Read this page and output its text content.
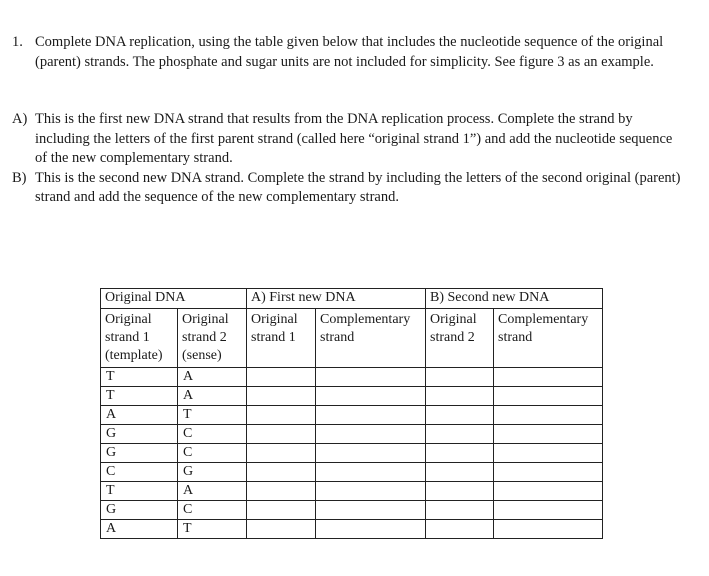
1. Complete DNA replication, using the table given below that includes the nucleotide sequence of the original (parent) strands. The phosphate and sugar units are not included for simplicity. See figure 3 as an example.
A) This is the first new DNA strand that results from the DNA replication process. Complete the strand by including the letters of the first parent strand (called here “original strand 1”) and add the nucleotide sequence of the new complementary strand.
B) This is the second new DNA strand. Complete the strand by including the letters of the second original (parent) strand and add the sequence of the new complementary strand.
Original DNA		A) First new DNA		B) Second new DNA	
Original strand 1 (template)	Original strand 2 (sense)	Original strand 1	Complementary strand	Original strand 2	Complementary strand
T	A				
T	A				
A	T				
G	C				
G	C				
C	G				
T	A				
G	C				
A	T				
